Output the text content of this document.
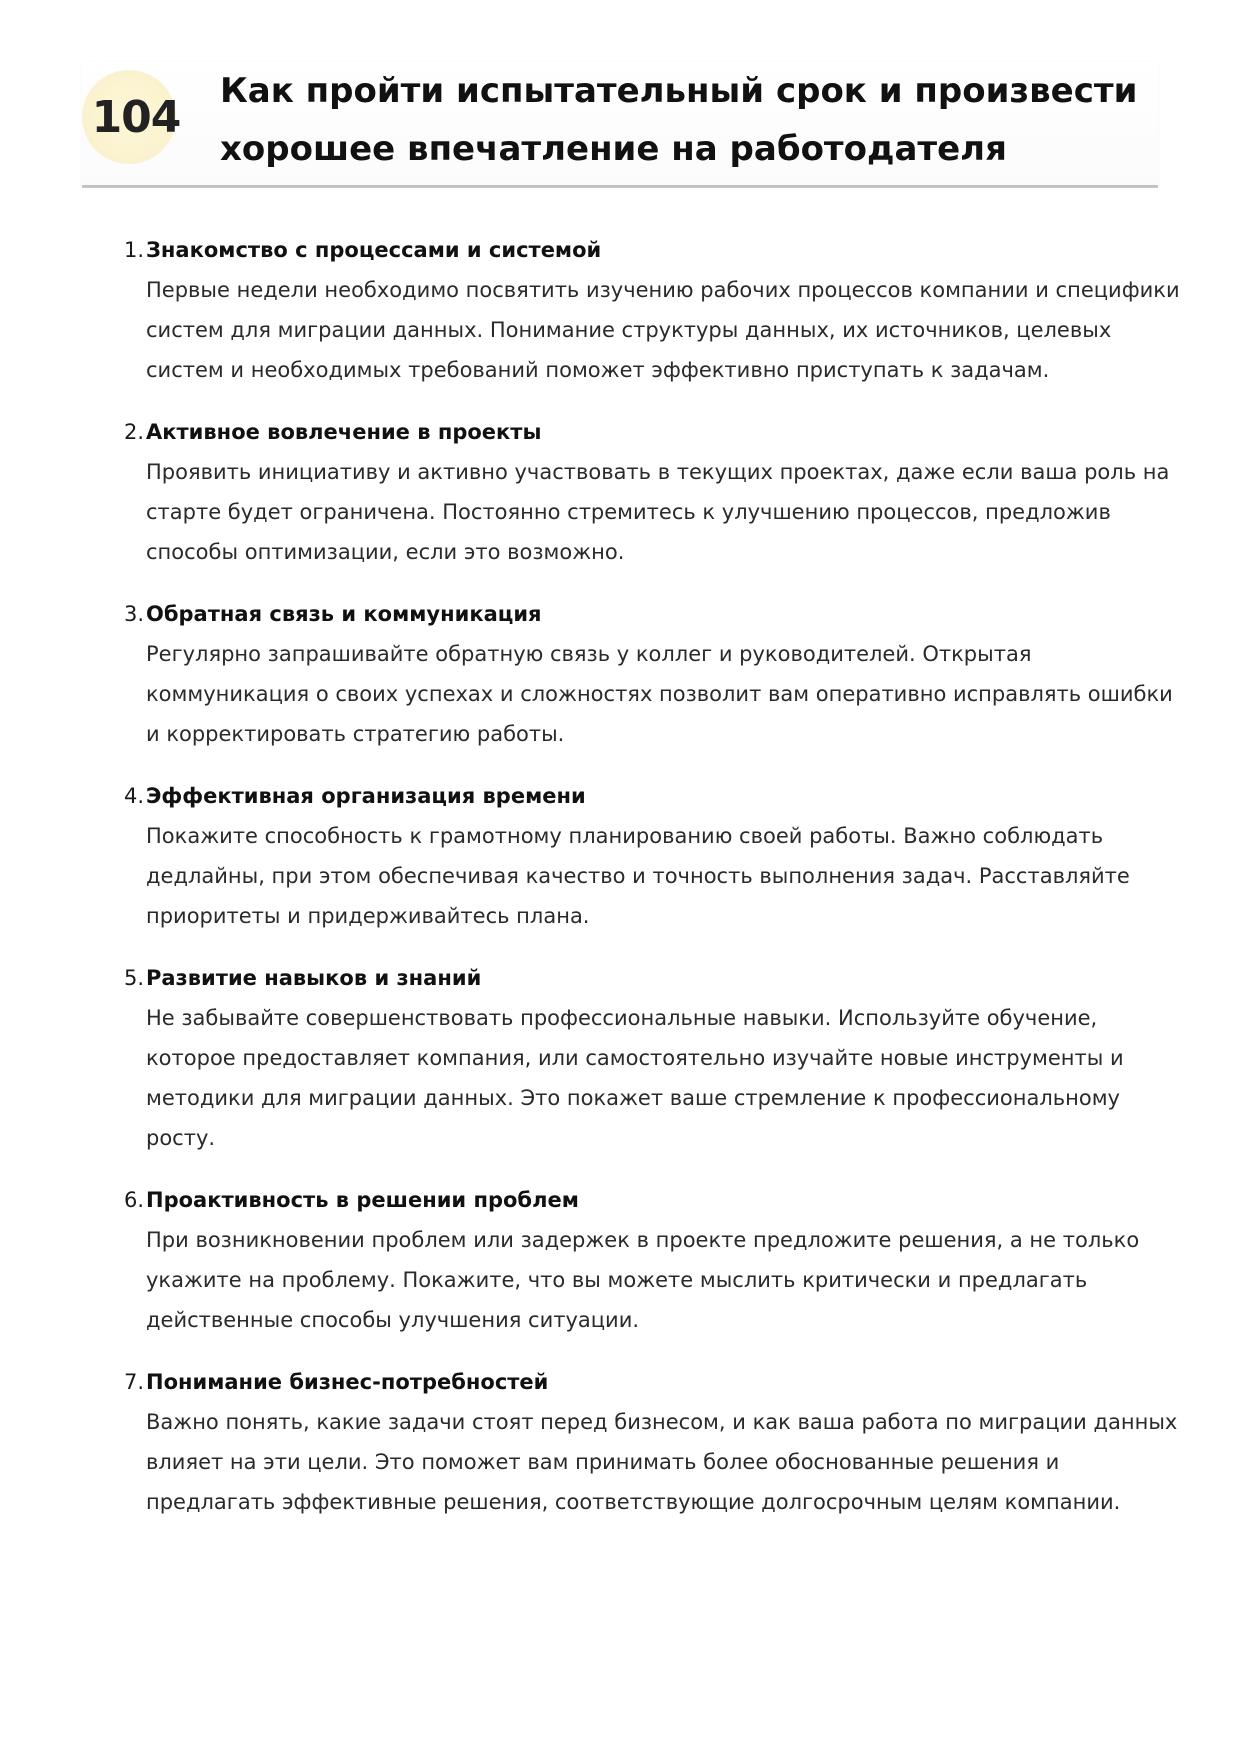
104
Как пройти испытательный срок и произвести хорошее впечатление на работодателя
1. Знакомство с процессами и системой
Первые недели необходимо посвятить изучению рабочих процессов компании и специфики систем для миграции данных. Понимание структуры данных, их источников, целевых систем и необходимых требований поможет эффективно приступать к задачам.
2. Активное вовлечение в проекты
Проявить инициативу и активно участвовать в текущих проектах, даже если ваша роль на старте будет ограничена. Постоянно стремитесь к улучшению процессов, предложив способы оптимизации, если это возможно.
3. Обратная связь и коммуникация
Регулярно запрашивайте обратную связь у коллег и руководителей. Открытая коммуникация о своих успехах и сложностях позволит вам оперативно исправлять ошибки и корректировать стратегию работы.
4. Эффективная организация времени
Покажите способность к грамотному планированию своей работы. Важно соблюдать дедлайны, при этом обеспечивая качество и точность выполнения задач. Расставляйте приоритеты и придерживайтесь плана.
5. Развитие навыков и знаний
Не забывайте совершенствовать профессиональные навыки. Используйте обучение, которое предоставляет компания, или самостоятельно изучайте новые инструменты и методики для миграции данных. Это покажет ваше стремление к профессиональному росту.
6. Проактивность в решении проблем
При возникновении проблем или задержек в проекте предложите решения, а не только укажите на проблему. Покажите, что вы можете мыслить критически и предлагать действенные способы улучшения ситуации.
7. Понимание бизнес-потребностей
Важно понять, какие задачи стоят перед бизнесом, и как ваша работа по миграции данных влияет на эти цели. Это поможет вам принимать более обоснованные решения и предлагать эффективные решения, соответствующие долгосрочным целям компании.
